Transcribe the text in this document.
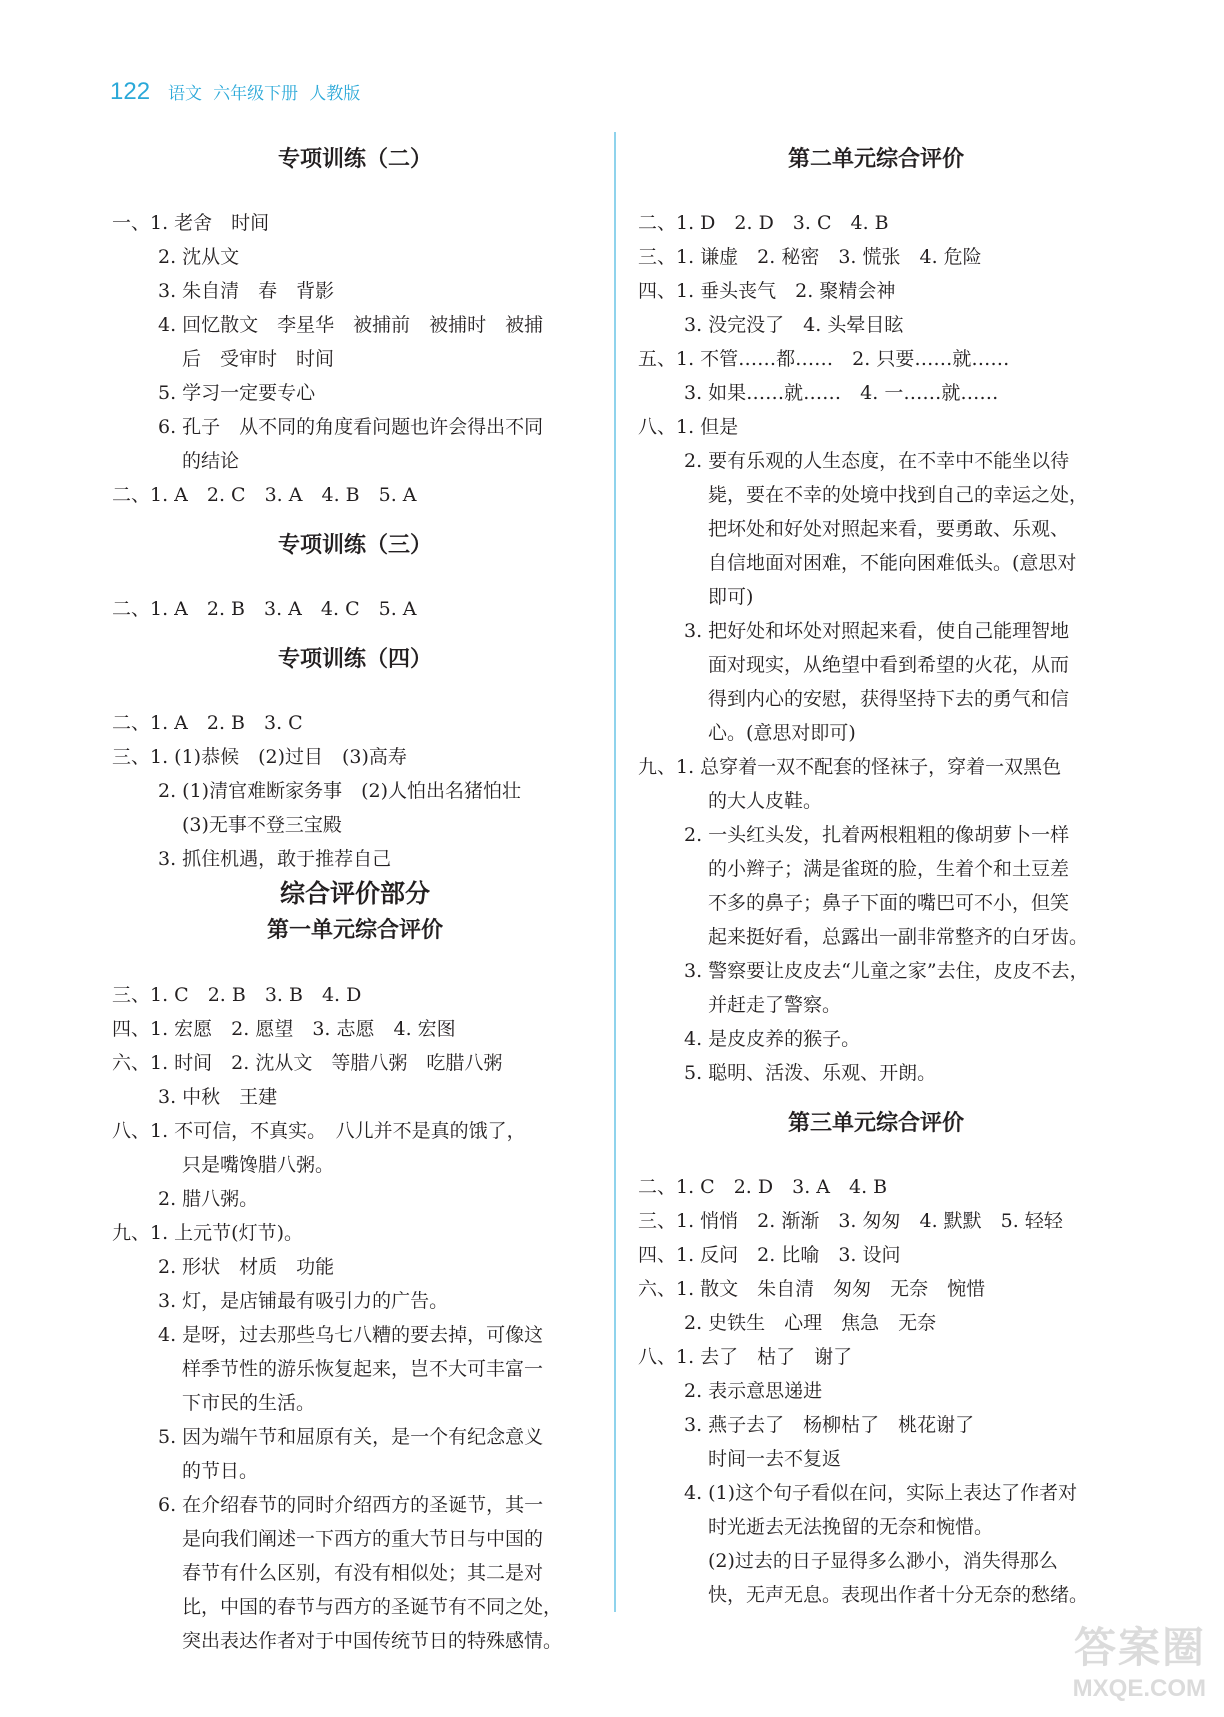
122 语文 六年级下册 人教版
专项训练（二）
一、1. 老舍　时间
2. 沈从文
3. 朱自清　春　背影
4. 回忆散文　李星华　被捕前　被捕时　被捕
后　受审时　时间
5. 学习一定要专心
6. 孔子　从不同的角度看问题也许会得出不同
的结论
二、1. A　2. C　3. A　4. B　5. A
专项训练（三）
二、1. A　2. B　3. A　4. C　5. A
专项训练（四）
二、1. A　2. B　3. C
三、1. (1)恭候　(2)过目　(3)高寿
2. (1)清官难断家务事　(2)人怕出名猪怕壮
(3)无事不登三宝殿
3. 抓住机遇，敢于推荐自己
综合评价部分
第一单元综合评价
三、1. C　2. B　3. B　4. D
四、1. 宏愿　2. 愿望　3. 志愿　4. 宏图
六、1. 时间　2. 沈从文　等腊八粥　吃腊八粥
3. 中秋　王建
八、1. 不可信，不真实。　八儿并不是真的饿了，
只是嘴馋腊八粥。
2. 腊八粥。
九、1. 上元节(灯节)。
2. 形状　材质　功能
3. 灯，是店铺最有吸引力的广告。
4. 是呀，过去那些乌七八糟的要去掉，可像这
样季节性的游乐恢复起来，岂不大可丰富一
下市民的生活。
5. 因为端午节和屈原有关，是一个有纪念意义
的节日。
6. 在介绍春节的同时介绍西方的圣诞节，其一
是向我们阐述一下西方的重大节日与中国的
春节有什么区别，有没有相似处；其二是对
比，中国的春节与西方的圣诞节有不同之处，
突出表达作者对于中国传统节日的特殊感情。
第二单元综合评价
二、1. D　2. D　3. C　4. B
三、1. 谦虚　2. 秘密　3. 慌张　4. 危险
四、1. 垂头丧气　2. 聚精会神
3. 没完没了　4. 头晕目眩
五、1. 不管……都……　2. 只要……就……
3. 如果……就……　4. 一……就……
八、1. 但是
2. 要有乐观的人生态度，在不幸中不能坐以待
毙，要在不幸的处境中找到自己的幸运之处，
把坏处和好处对照起来看，要勇敢、乐观、
自信地面对困难，不能向困难低头。(意思对
即可)
3. 把好处和坏处对照起来看，使自己能理智地
面对现实，从绝望中看到希望的火花，从而
得到内心的安慰，获得坚持下去的勇气和信
心。(意思对即可)
九、1. 总穿着一双不配套的怪袜子，穿着一双黑色
的大人皮鞋。
2. 一头红头发，扎着两根粗粗的像胡萝卜一样
的小辫子；满是雀斑的脸，生着个和土豆差
不多的鼻子；鼻子下面的嘴巴可不小，但笑
起来挺好看，总露出一副非常整齐的白牙齿。
3. 警察要让皮皮去“儿童之家”去住，皮皮不去，
并赶走了警察。
4. 是皮皮养的猴子。
5. 聪明、活泼、乐观、开朗。
第三单元综合评价
二、1. C　2. D　3. A　4. B
三、1. 悄悄　2. 渐渐　3. 匆匆　4. 默默　5. 轻轻
四、1. 反问　2. 比喻　3. 设问
六、1. 散文　朱自清　匆匆　无奈　惋惜
2. 史铁生　心理　焦急　无奈
八、1. 去了　枯了　谢了
2. 表示意思递进
3. 燕子去了　杨柳枯了　桃花谢了
时间一去不复返
4. (1)这个句子看似在问，实际上表达了作者对
时光逝去无法挽留的无奈和惋惜。
(2)过去的日子显得多么渺小，消失得那么
快，无声无息。表现出作者十分无奈的愁绪。
答案圈
MXQE.COM
